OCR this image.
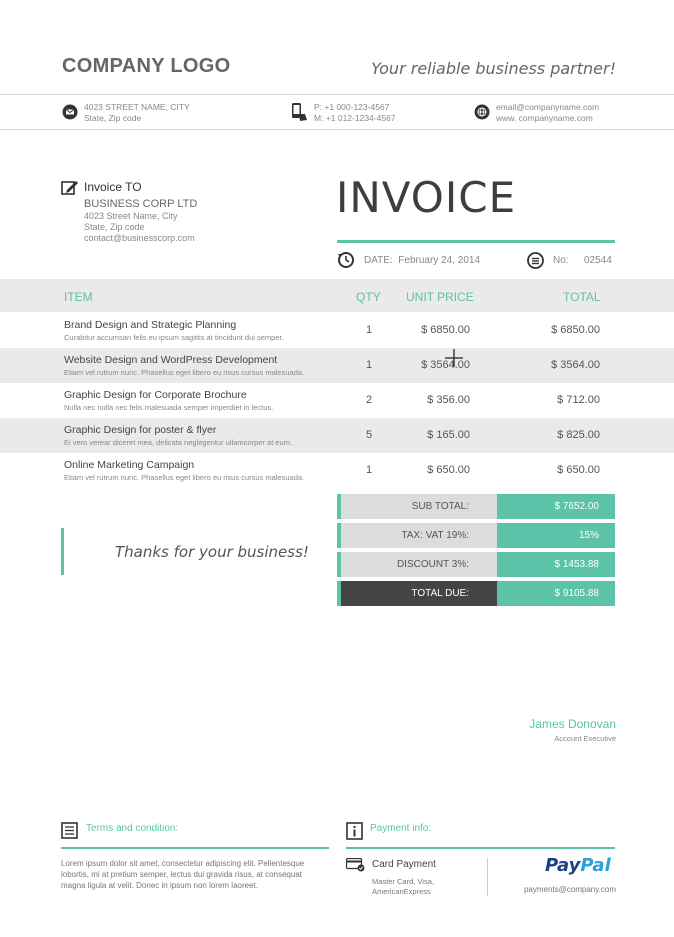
COMPANY LOGO	Your reliable business partner!
4023 STREET NAME, CITY
State, Zip code
P: +1 000-123-4567
M: +1 012-1234-4567
email@companyname.com
www. companyname.com
Invoice TO
BUSINESS CORP LTD
4023 Street Name, City
State, Zip code
contact@businesscorp.com
INVOICE
DATE: February 24, 2014	No: 02544
ITEM	QTY UNIT PRICE	TOTAL
Brand Design and Strategic Planning
Curabitur accumsan felis eu ipsum sagittis at tincidunt dui semper.
1	$ 6850.00	$ 6850.00
Website Design and WordPress Development
Etiam vel rutrum nunc. Phasellus eget libero eu risus cursus malesuada.
1	$ 3564.00	$ 3564.00
Graphic Design for Corporate Brochure
Nulla nec nulla nec felis malesuada semper imperdiet in lectus.
2	$ 356.00	$ 712.00
Graphic Design for poster & flyer
Ei vero verear diceret mea, delicata neglegentur ullamcorper at eum.
5	$ 165.00	$ 825.00
Online Marketing Campaign
Etiam vel rutrum nunc. Phasellus eget libero eu risus cursus malesuada.
1	$ 650.00	$ 650.00
SUB TOTAL:	$ 7652.00
TAX: VAT 19%:	15%
DISCOUNT 3%:	$ 1453.88
TOTAL DUE:	$ 9105.88
Thanks for your business!
James Donovan
Account Executive
Terms and condition:
Lorem ipsum dolor sit amet, consectetur adipiscing elit. Pellentesque
lobortis, mi at pretium semper, lectus dui gravida risus, at consequat
magna ligula at velit. Donec in ipsum non lorem laoreet.
Payment info:
Card Payment
Master Card, Visa,
AmericanExpress
PayPal
payments@company.com
